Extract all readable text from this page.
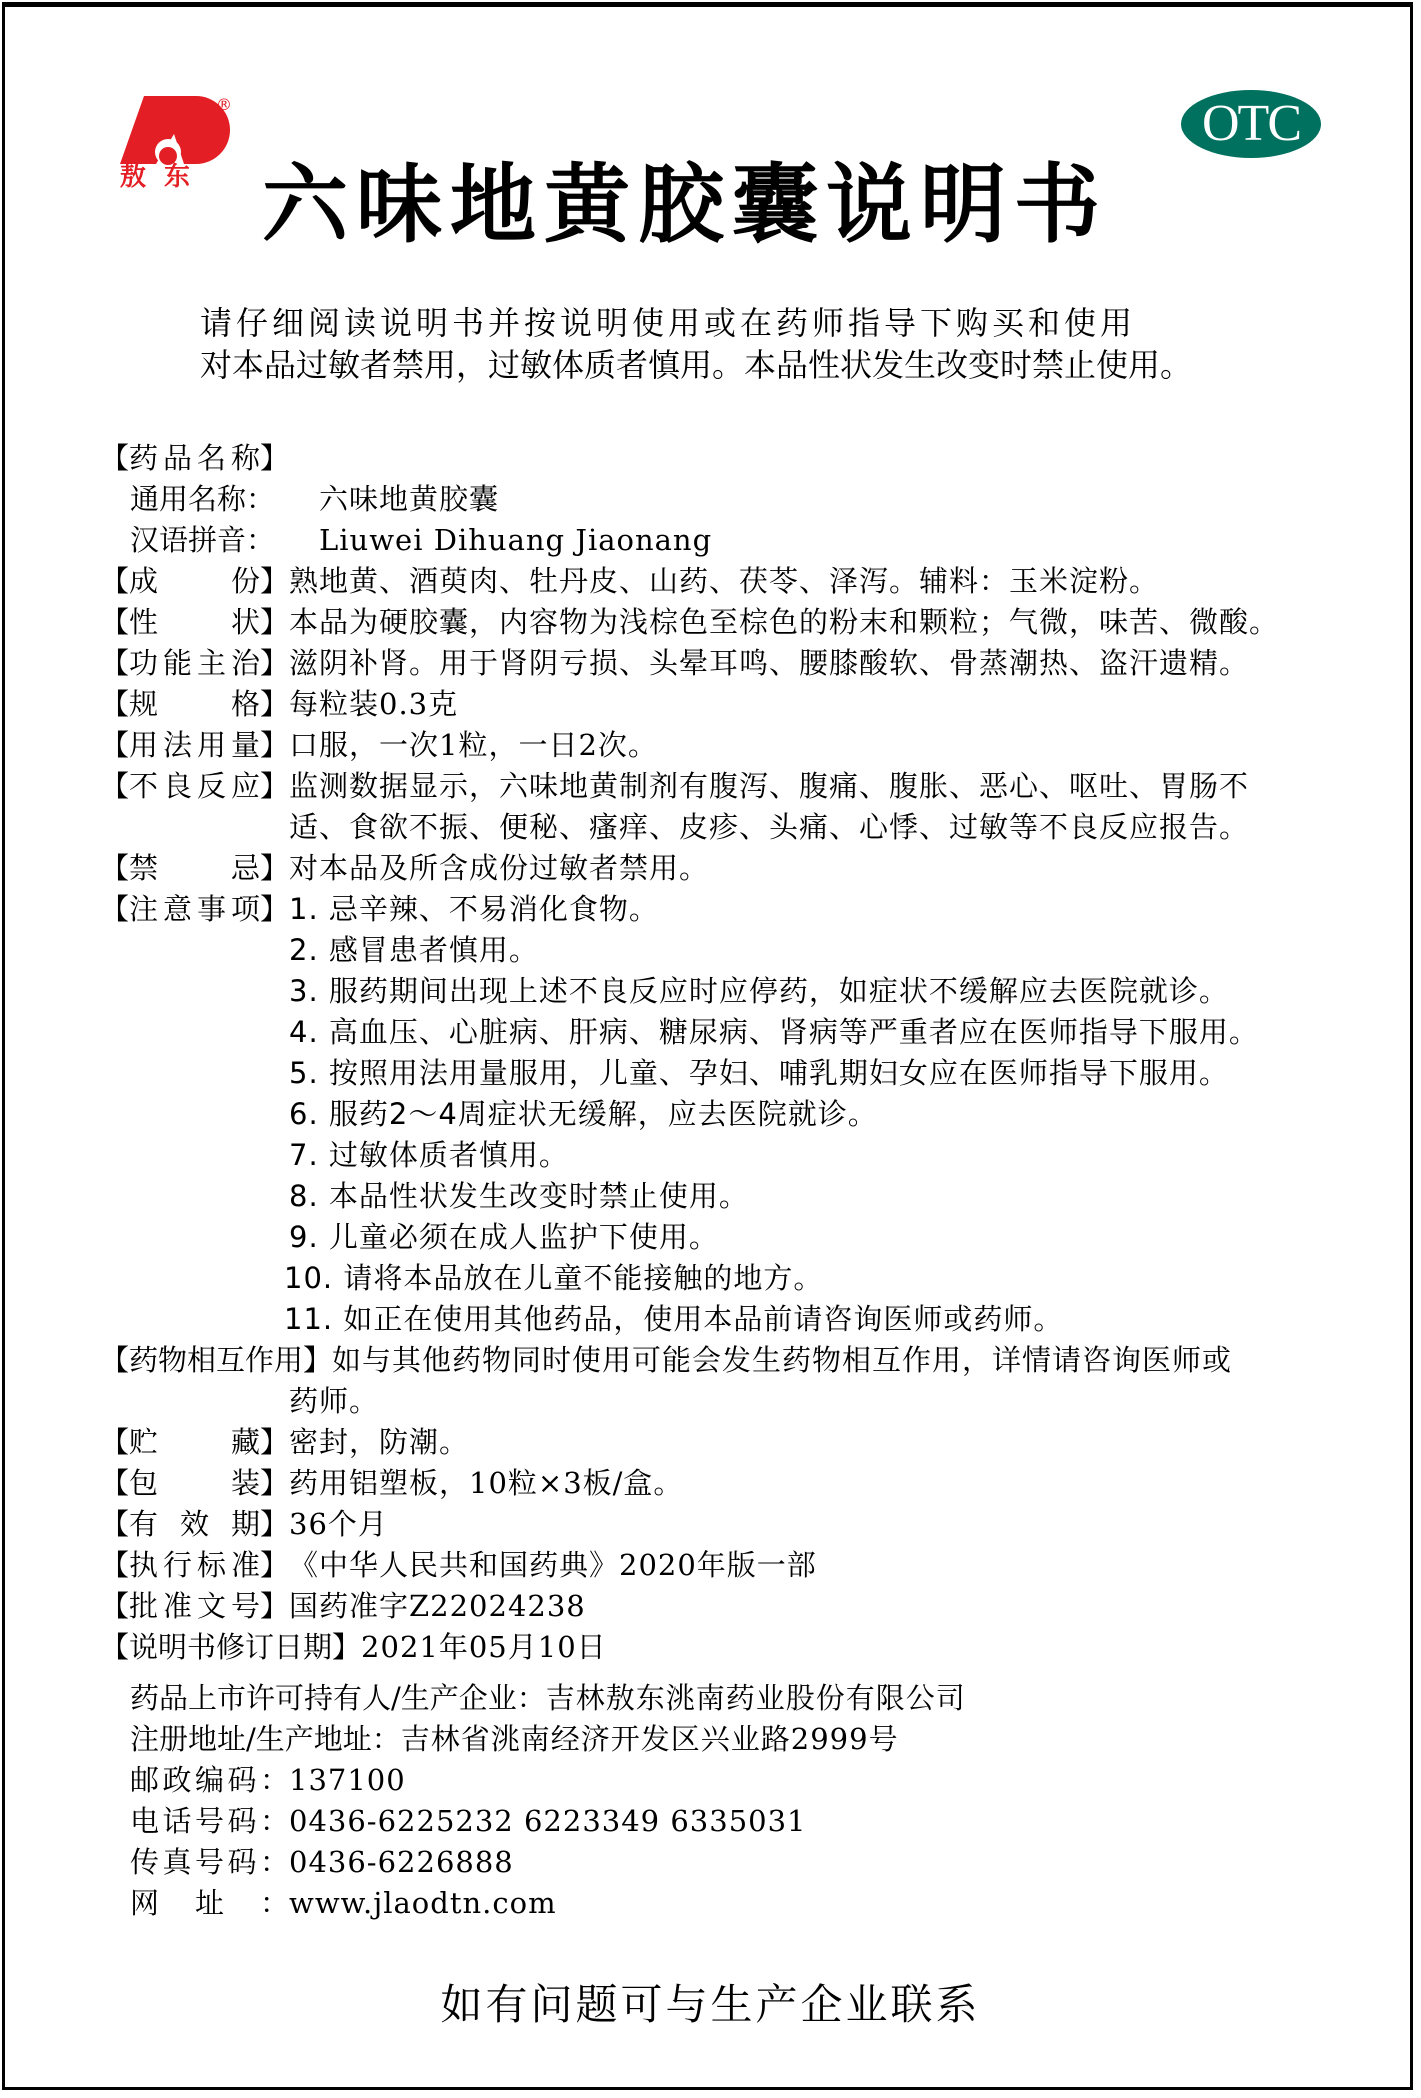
®
敖东
OTC
六味地黄胶囊说明书
请仔细阅读说明书并按说明使用或在药师指导下购买和使用
对本品过敏者禁用，过敏体质者慎用。本品性状发生改变时禁止使用。
【 药品名称 】
通用名称： 六味地黄胶囊
汉语拼音： Liuwei Dihuang Jiaonang
【 成份 】 熟地黄、酒萸肉、牡丹皮、山药、茯苓、泽泻。辅料：玉米淀粉。
【 性状 】 本品为硬胶囊，内容物为浅棕色至棕色的粉末和颗粒；气微，味苦、微酸。
【 功能主治 】 滋阴补肾。用于肾阴亏损、头晕耳鸣、腰膝酸软、骨蒸潮热、盗汗遗精。
【 规格 】 每粒装0.3克
【 用法用量 】 口服，一次1粒，一日2次。
【 不良反应 】 监测数据显示，六味地黄制剂有腹泻、腹痛、腹胀、恶心、呕吐、胃肠不
适、食欲不振、便秘、瘙痒、皮疹、头痛、心悸、过敏等不良反应报告。
【 禁忌 】 对本品及所含成份过敏者禁用。
【 注意事项 】 1. 忌辛辣、不易消化食物。
2. 感冒患者慎用。
3. 服药期间出现上述不良反应时应停药，如症状不缓解应去医院就诊。
4. 高血压、心脏病、肝病、糖尿病、肾病等严重者应在医师指导下服用。
5. 按照用法用量服用，儿童、孕妇、哺乳期妇女应在医师指导下服用。
6. 服药2～4周症状无缓解，应去医院就诊。
7. 过敏体质者慎用。
8. 本品性状发生改变时禁止使用。
9. 儿童必须在成人监护下使用。
10. 请将本品放在儿童不能接触的地方。
11. 如正在使用其他药品，使用本品前请咨询医师或药师。
【 药物相互作用 】 如与其他药物同时使用可能会发生药物相互作用，详情请咨询医师或
药师。
【 贮藏 】 密封，防潮。
【 包装 】 药用铝塑板，10粒×3板/盒。
【 有效期 】 36个月
【 执行标准 】 《中华人民共和国药典》2020年版一部
【 批准文号 】 国药准字Z22024238
【 说明书修订日期 】 2021年05月10日
药品上市许可持有人/生产企业： 吉林敖东洮南药业股份有限公司
注册地址/生产地址： 吉林省洮南经济开发区兴业路2999号
邮政编码： 137100
电话号码： 0436-6225232 6223349 6335031
传真号码： 0436-6226888
网址： www.jlaodtn.com
如有问题可与生产企业联系
